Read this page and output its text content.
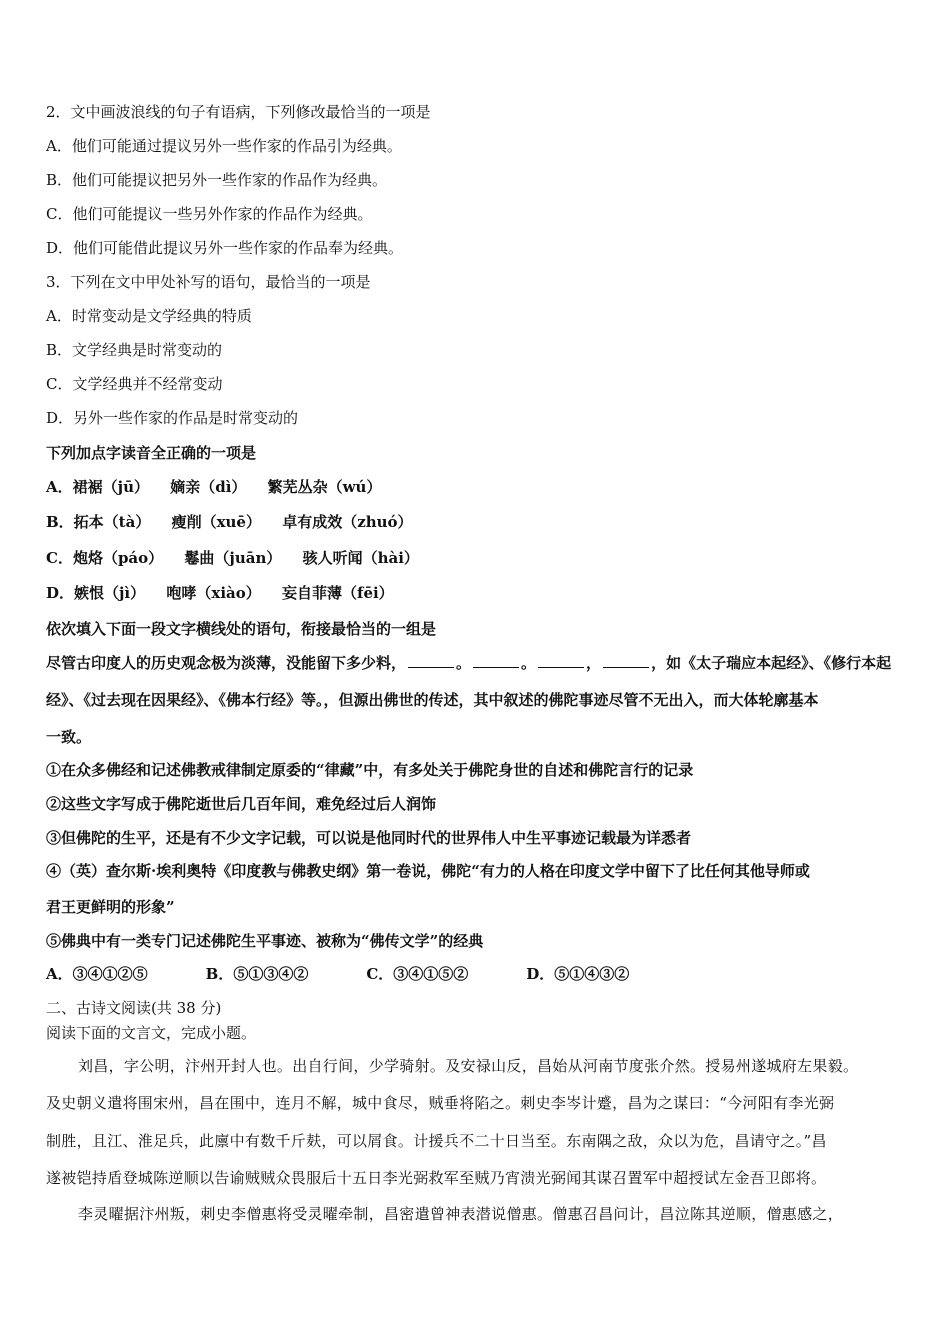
2．文中画波浪线的句子有语病，下列修改最恰当的一项是
A．他们可能通过提议另外一些作家的作品引为经典。
B．他们可能提议把另外一些作家的作品作为经典。
C．他们可能提议一些另外作家的作品作为经典。
D．他们可能借此提议另外一些作家的作品奉为经典。
3．下列在文中甲处补写的语句，最恰当的一项是
A．时常变动是文学经典的特质
B．文学经典是时常变动的
C．文学经典并不经常变动
D．另外一些作家的作品是时常变动的
下列加点字读音全正确的一项是
A．裙裾（jū） 嫡亲（dì） 繁芜丛杂（wú）
B．拓本（tà） 瘦削（xuē） 卓有成效（zhuó）
C．炮烙（páo） 鬈曲（juān） 骇人听闻（hài）
D．嫉恨（jì） 咆哮（xiào） 妄自菲薄（fēi）
依次填入下面一段文字横线处的语句，衔接最恰当的一组是
尽管古印度人的历史观念极为淡薄，没能留下多少料，	。	。	，	，如《太子瑞应本起经》、《修行本起
经》、《过去现在因果经》、《佛本行经》等。，但源出佛世的传述，其中叙述的佛陀事迹尽管不无出入，而大体轮廓基本
一致。
①在众多佛经和记述佛教戒律制定原委的“律藏”中，有多处关于佛陀身世的自述和佛陀言行的记录
②这些文字写成于佛陀逝世后几百年间，难免经过后人润饰
③但佛陀的生平，还是有不少文字记载，可以说是他同时代的世界伟人中生平事迹记载最为详悉者
④（英）查尔斯·埃利奥特《印度教与佛教史纲》第一卷说，佛陀“有力的人格在印度文学中留下了比任何其他导师或
君王更鲜明的形象”
⑤佛典中有一类专门记述佛陀生平事迹、被称为“佛传文学”的经典
A．③④①②⑤	B．⑤①③④②	C．③④①⑤②	D．⑤①④③②
二、古诗文阅读(共 38 分)
阅读下面的文言文，完成小题。
刘昌，字公明，汴州开封人也。出自行间，少学骑射。及安禄山反，昌始从河南节度张介然。授易州遂城府左果毅。
及史朝义遣将围宋州，昌在围中，连月不解，城中食尽，贼垂将陷之。刺史李岑计蹙，昌为之谋曰：“今河阳有李光弼
制胜，且江、淮足兵，此廪中有数千斤麸，可以屑食。计援兵不二十日当至。东南隅之敌，众以为危，昌请守之。”昌
遂被铠持盾登城陈逆顺以告谕贼贼众畏服后十五日李光弼救军至贼乃宵溃光弼闻其谋召置军中超授试左金吾卫郎将。
李灵曜据汴州叛，刺史李僧惠将受灵曜牵制，昌密遣曾神表潜说僧惠。僧惠召昌问计，昌泣陈其逆顺，僧惠感之，
